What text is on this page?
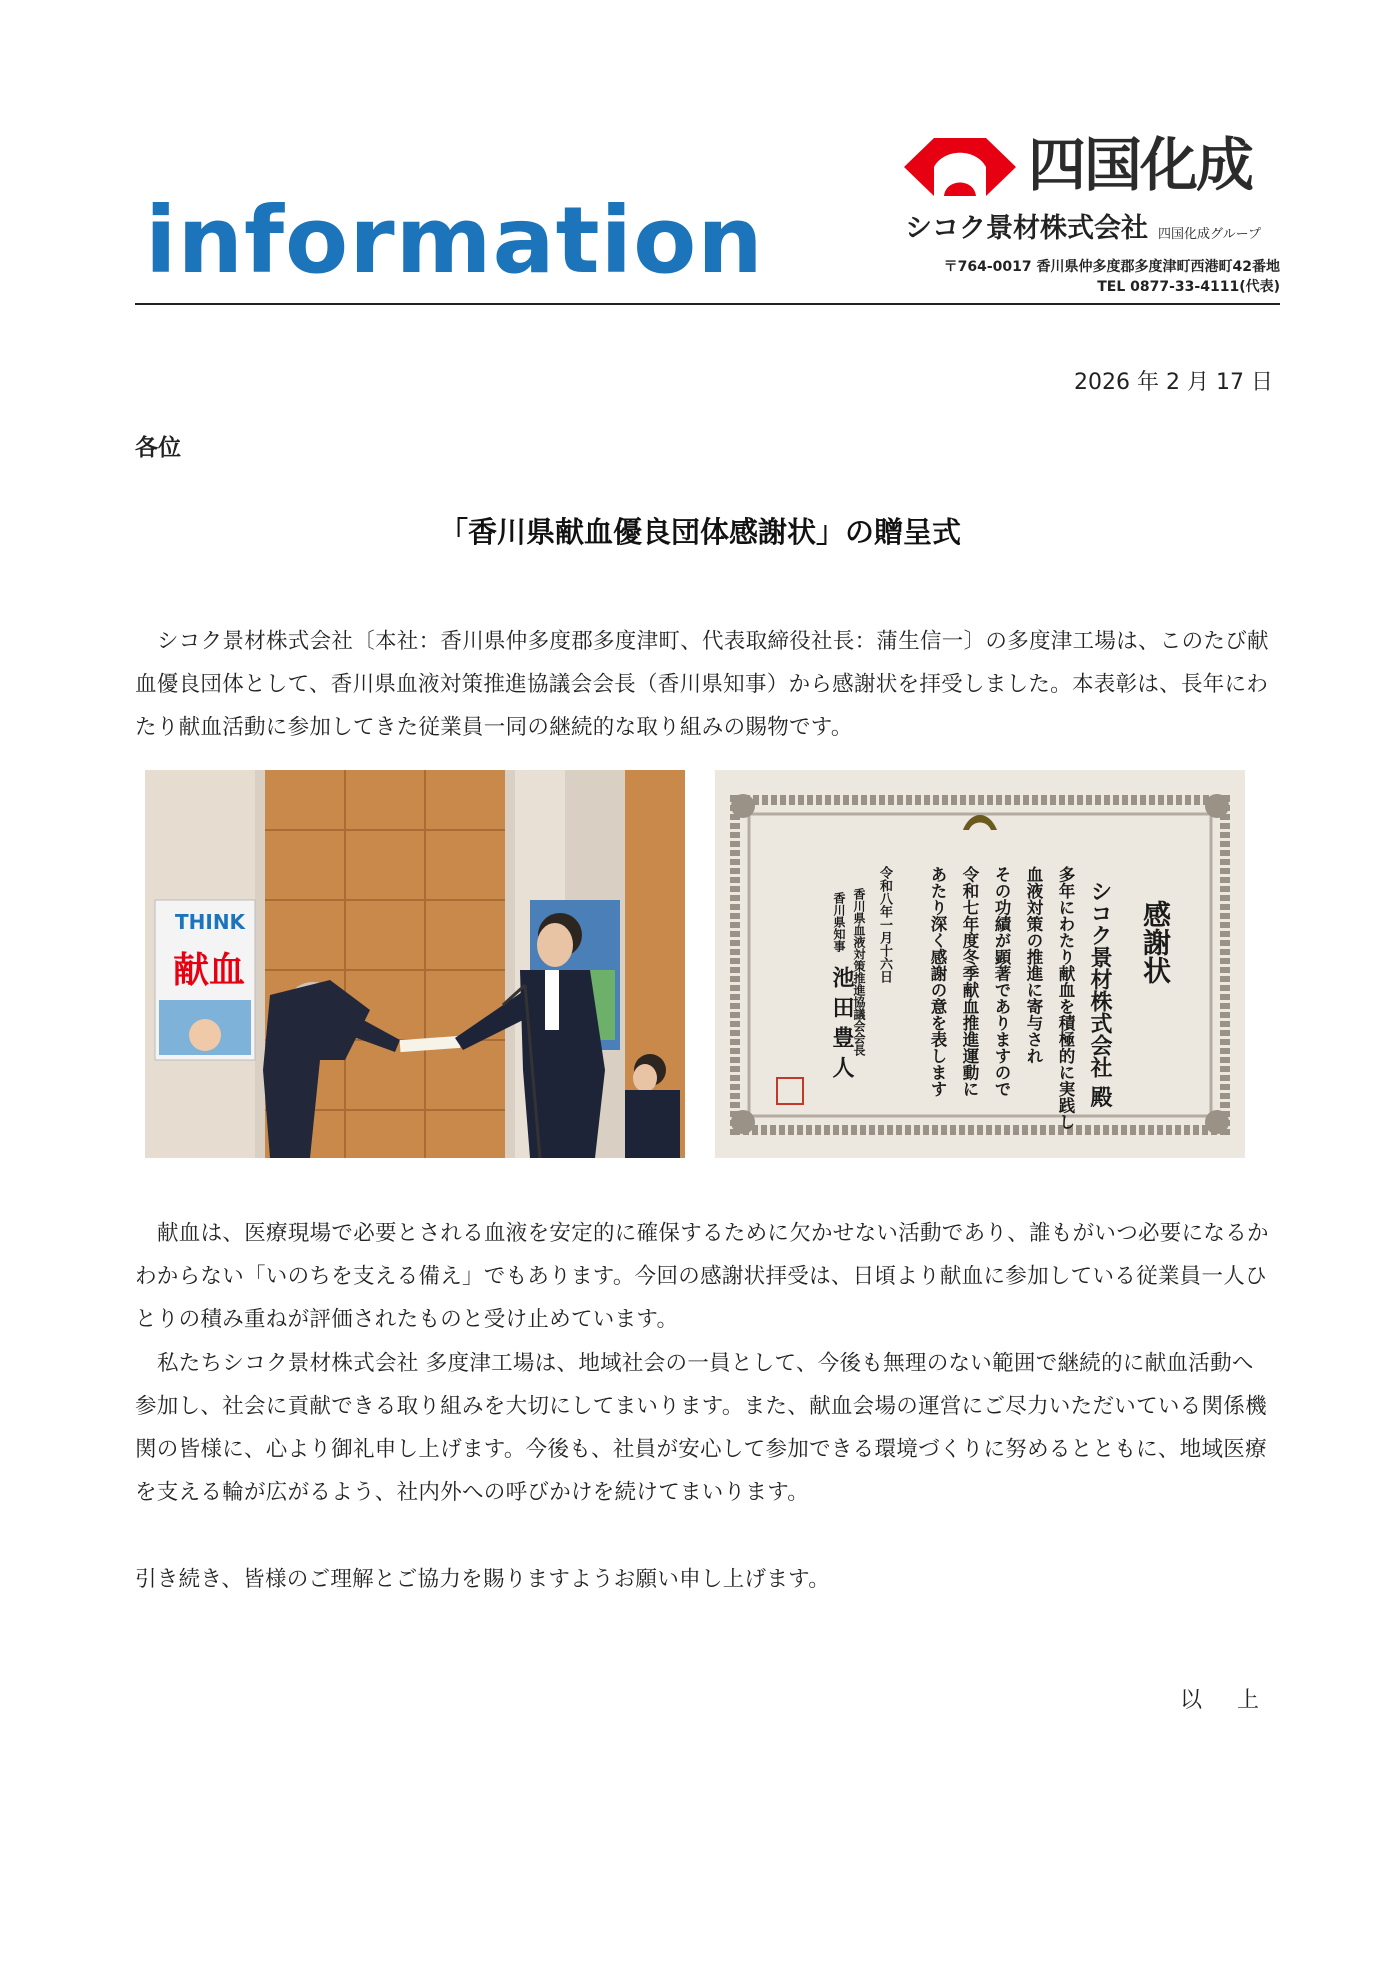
information
四国化成
シコク景材株式会社 四国化成グループ
〒764-0017 香川県仲多度郡多度津町西港町42番地
TEL 0877-33-4111(代表)
2026 年 2 月 17 日
各位
「香川県献血優良団体感謝状」の贈呈式

シコク景材株式会社〔本社：香川県仲多度郡多度津町、代表取締役社長：蒲生信一〕の多度津工場は、このたび献血優良団体として、香川県血液対策推進協議会会長（香川県知事）から感謝状を拝受しました。本表彰は、長年にわたり献血活動に参加してきた従業員一同の継続的な取り組みの賜物です。

THINK
献血	感謝状
シコク景材株式会社 殿
多年にわたり献血を積極的に実践し
血液対策の推進に寄与され
その功績が顕著でありますので
令和七年度冬季献血推進運動に
あたり深く感謝の意を表します
令和八年一月十六日
香川県血液対策推進協議会会長
香川県知事
池田豊人

献血は、医療現場で必要とされる血液を安定的に確保するために欠かせない活動であり、誰もがいつ必要になるかわからない「いのちを支える備え」でもあります。今回の感謝状拝受は、日頃より献血に参加している従業員一人ひとりの積み重ねが評価されたものと受け止めています。

私たちシコク景材株式会社 多度津工場は、地域社会の一員として、今後も無理のない範囲で継続的に献血活動へ参加し、社会に貢献できる取り組みを大切にしてまいります。また、献血会場の運営にご尽力いただいている関係機関の皆様に、心より御礼申し上げます。今後も、社員が安心して参加できる環境づくりに努めるとともに、地域医療を支える輪が広がるよう、社内外への呼びかけを続けてまいります。

引き続き、皆様のご理解とご協力を賜りますようお願い申し上げます。

以 上
